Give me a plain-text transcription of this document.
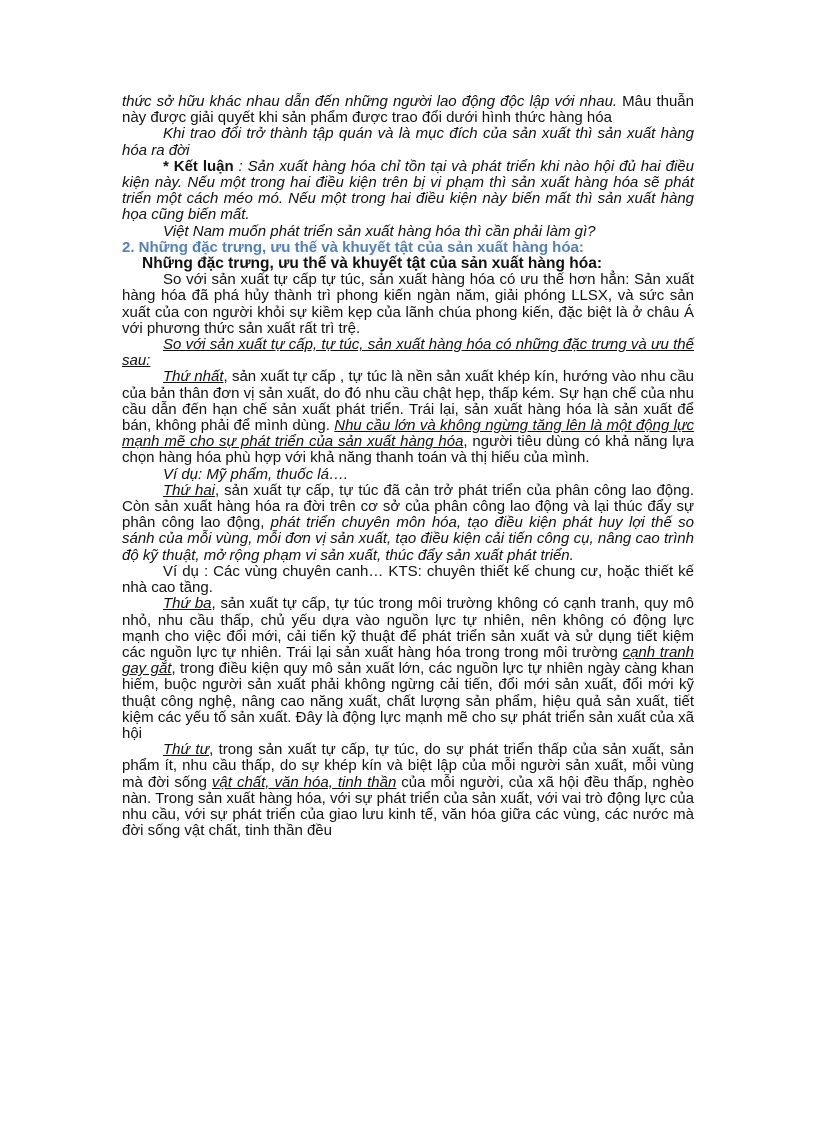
thức sở hữu khác nhau dẫn đến những người lao động độc lập với nhau. Mâu thuẫn này được giải quyết khi sản phẩm được trao đổi dưới hình thức hàng hóa

Khi trao đổi trở thành tập quán và là mục đích của sản xuất thì sản xuất hàng hóa ra đời

* Kết luận : Sản xuất hàng hóa chỉ tồn tại và phát triển khi nào hội đủ hai điều kiện này. Nếu một trong hai điều kiện trên bị vi phạm thì sản xuất hàng hóa sẽ phát triển một cách méo mó. Nếu một trong hai điều kiện này biến mất thì sản xuất hàng họa cũng biến mất.

Việt Nam muốn phát triển sản xuất hàng hóa thì cần phải làm gì?

2. Những đặc trưng, ưu thế và khuyết tật của sản xuất hàng hóa:

Những đặc trưng, ưu thế và khuyết tật của sản xuất hàng hóa:

So với sản xuất tự cấp tự túc, sản xuất hàng hóa có ưu thế hơn hẳn: Sản xuất hàng hóa đã phá hủy thành trì phong kiến ngàn năm, giải phóng LLSX, và sức sản xuất của con người khỏi sự kiềm kẹp của lãnh chúa phong kiến, đặc biệt là ở châu Á với phương thức sản xuất rất trì trệ.

So với sản xuất tự cấp, tự túc, sản xuất hàng hóa có những đặc trưng và ưu thế sau:

Thứ nhất, sản xuất tự cấp , tự túc là nền sản xuất khép kín, hướng vào nhu cầu của bản thân đơn vị sản xuất, do đó nhu cầu chật hẹp, thấp kém. Sự hạn chế của nhu cầu dẫn đến hạn chế sản xuất phát triển. Trái lại, sản xuất hàng hóa là sản xuất để bán, không phải để mình dùng. Nhu cầu lớn và không ngừng tăng lên là một động lực mạnh mẽ cho sự phát triển của sản xuất hàng hóa, người tiêu dùng có khả năng lựa chọn hàng hóa phù hợp với khả năng thanh toán và thị hiếu của mình.

Ví dụ: Mỹ phẩm, thuốc lá….

Thứ hai, sản xuất tự cấp, tự túc đã cản trở phát triển của phân công lao động. Còn sản xuất hàng hóa ra đời trên cơ sở của phân công lao động và lại thúc đẩy sự phân công lao động, phát triển chuyên môn hóa, tạo điều kiện phát huy lợi thế so sánh của mỗi vùng, mỗi đơn vị sản xuất, tạo điều kiện cải tiến công cụ, nâng cao trình độ kỹ thuật, mở rộng phạm vi sản xuất, thúc đẩy sản xuất phát triển.

Ví dụ : Các vùng chuyên canh… KTS: chuyên thiết kế chung cư, hoặc thiết kế nhà cao tầng.

Thứ ba, sản xuất tự cấp, tự túc trong môi trường không có cạnh tranh, quy mô nhỏ, nhu cầu thấp, chủ yếu dựa vào nguồn lực tự nhiên, nên không có động lực mạnh cho việc đổi mới, cải tiến kỹ thuật để phát triển sản xuất và sử dụng tiết kiệm các nguồn lực tự nhiên. Trái lại sản xuất hàng hóa trong trong môi trường cạnh tranh gay gắt, trong điều kiện quy mô sản xuất lớn, các nguồn lực tự nhiên ngày càng khan hiếm, buộc người sản xuất phải không ngừng cải tiến, đổi mới sản xuất, đổi mới kỹ thuật công nghệ, nâng cao năng xuất, chất lượng sản phẩm, hiệu quả sản xuất, tiết kiệm các yếu tố sản xuất. Đây là động lực mạnh mẽ cho sự phát triển sản xuất của xã hội

Thứ tư, trong sản xuất tự cấp, tự túc, do sự phát triển thấp của sản xuất, sản phẩm ít, nhu cầu thấp, do sự khép kín và biệt lập của mỗi người sản xuất, mỗi vùng mà đời sống vật chất, văn hóa, tinh thần của mỗi người, của xã hội đều thấp, nghèo nàn. Trong sản xuất hàng hóa, với sự phát triển của sản xuất, với vai trò động lực của nhu cầu, với sự phát triển của giao lưu kinh tế, văn hóa giữa các vùng, các nước mà đời sống vật chất, tinh thần đều
